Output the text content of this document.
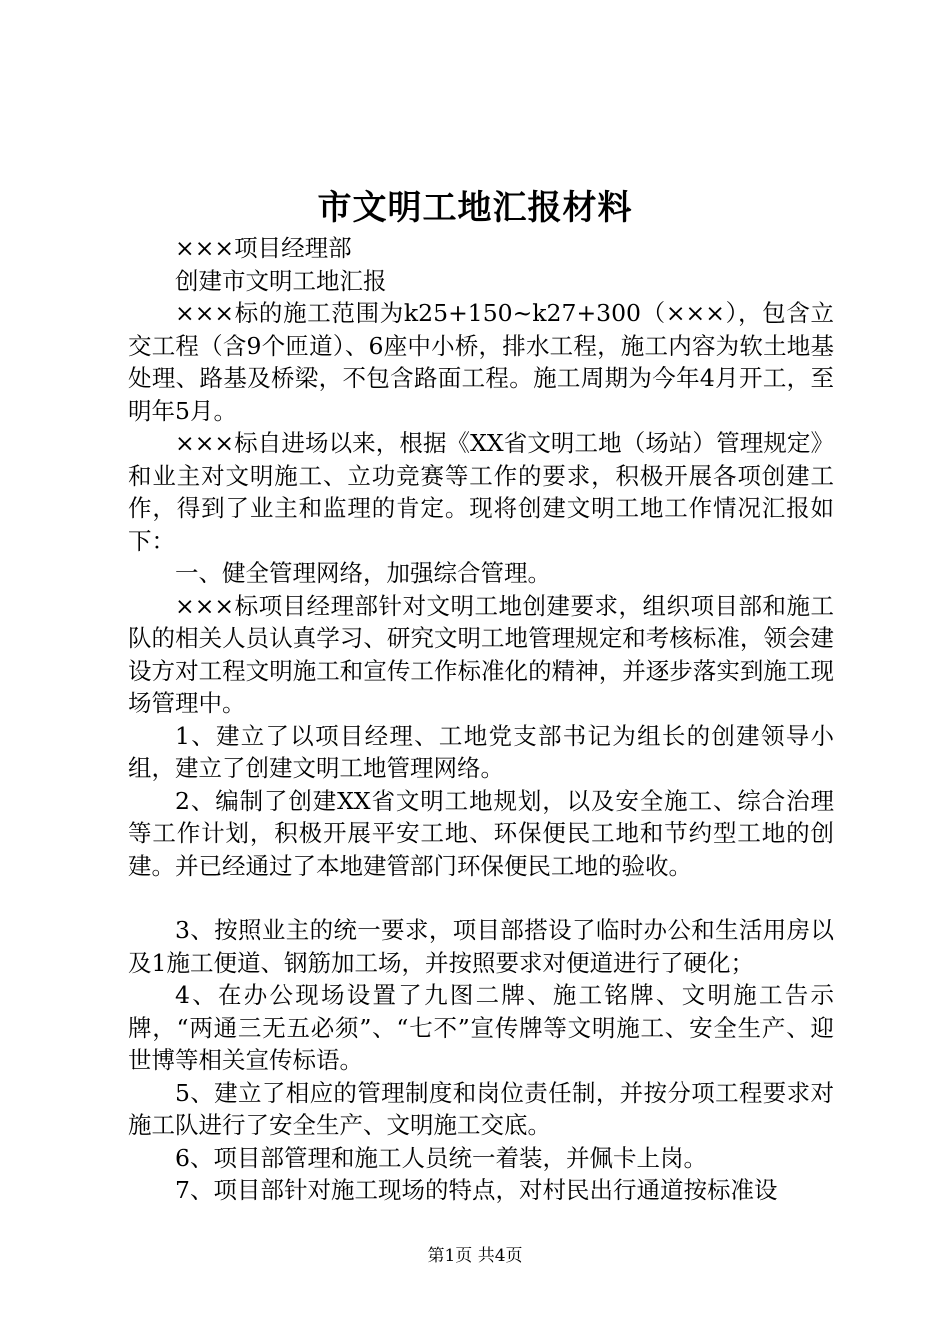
市文明工地汇报材料

×××项目经理部

创建市文明工地汇报

×××标的施工范围为k25+150~k27+300（×××），包含立交工程（含9个匝道）、6座中小桥，排水工程，施工内容为软土地基处理、路基及桥梁，不包含路面工程。施工周期为今年4月开工，至明年5月。

×××标自进场以来，根据《XX省文明工地（场站）管理规定》和业主对文明施工、立功竞赛等工作的要求，积极开展各项创建工作，得到了业主和监理的肯定。现将创建文明工地工作情况汇报如下：

一、健全管理网络，加强综合管理。

×××标项目经理部针对文明工地创建要求，组织项目部和施工队的相关人员认真学习、研究文明工地管理规定和考核标准，领会建设方对工程文明施工和宣传工作标准化的精神，并逐步落实到施工现场管理中。

1、建立了以项目经理、工地党支部书记为组长的创建领导小组，建立了创建文明工地管理网络。

2、编制了创建XX省文明工地规划，以及安全施工、综合治理等工作计划，积极开展平安工地、环保便民工地和节约型工地的创建。并已经通过了本地建管部门环保便民工地的验收。

3、按照业主的统一要求，项目部搭设了临时办公和生活用房以及1施工便道、钢筋加工场，并按照要求对便道进行了硬化；

4、在办公现场设置了九图二牌、施工铭牌、文明施工告示牌，“两通三无五必须”、“七不”宣传牌等文明施工、安全生产、迎世博等相关宣传标语。

5、建立了相应的管理制度和岗位责任制，并按分项工程要求对施工队进行了安全生产、文明施工交底。

6、项目部管理和施工人员统一着装，并佩卡上岗。

7、项目部针对施工现场的特点，对村民出行通道按标准设

第1页 共4页
